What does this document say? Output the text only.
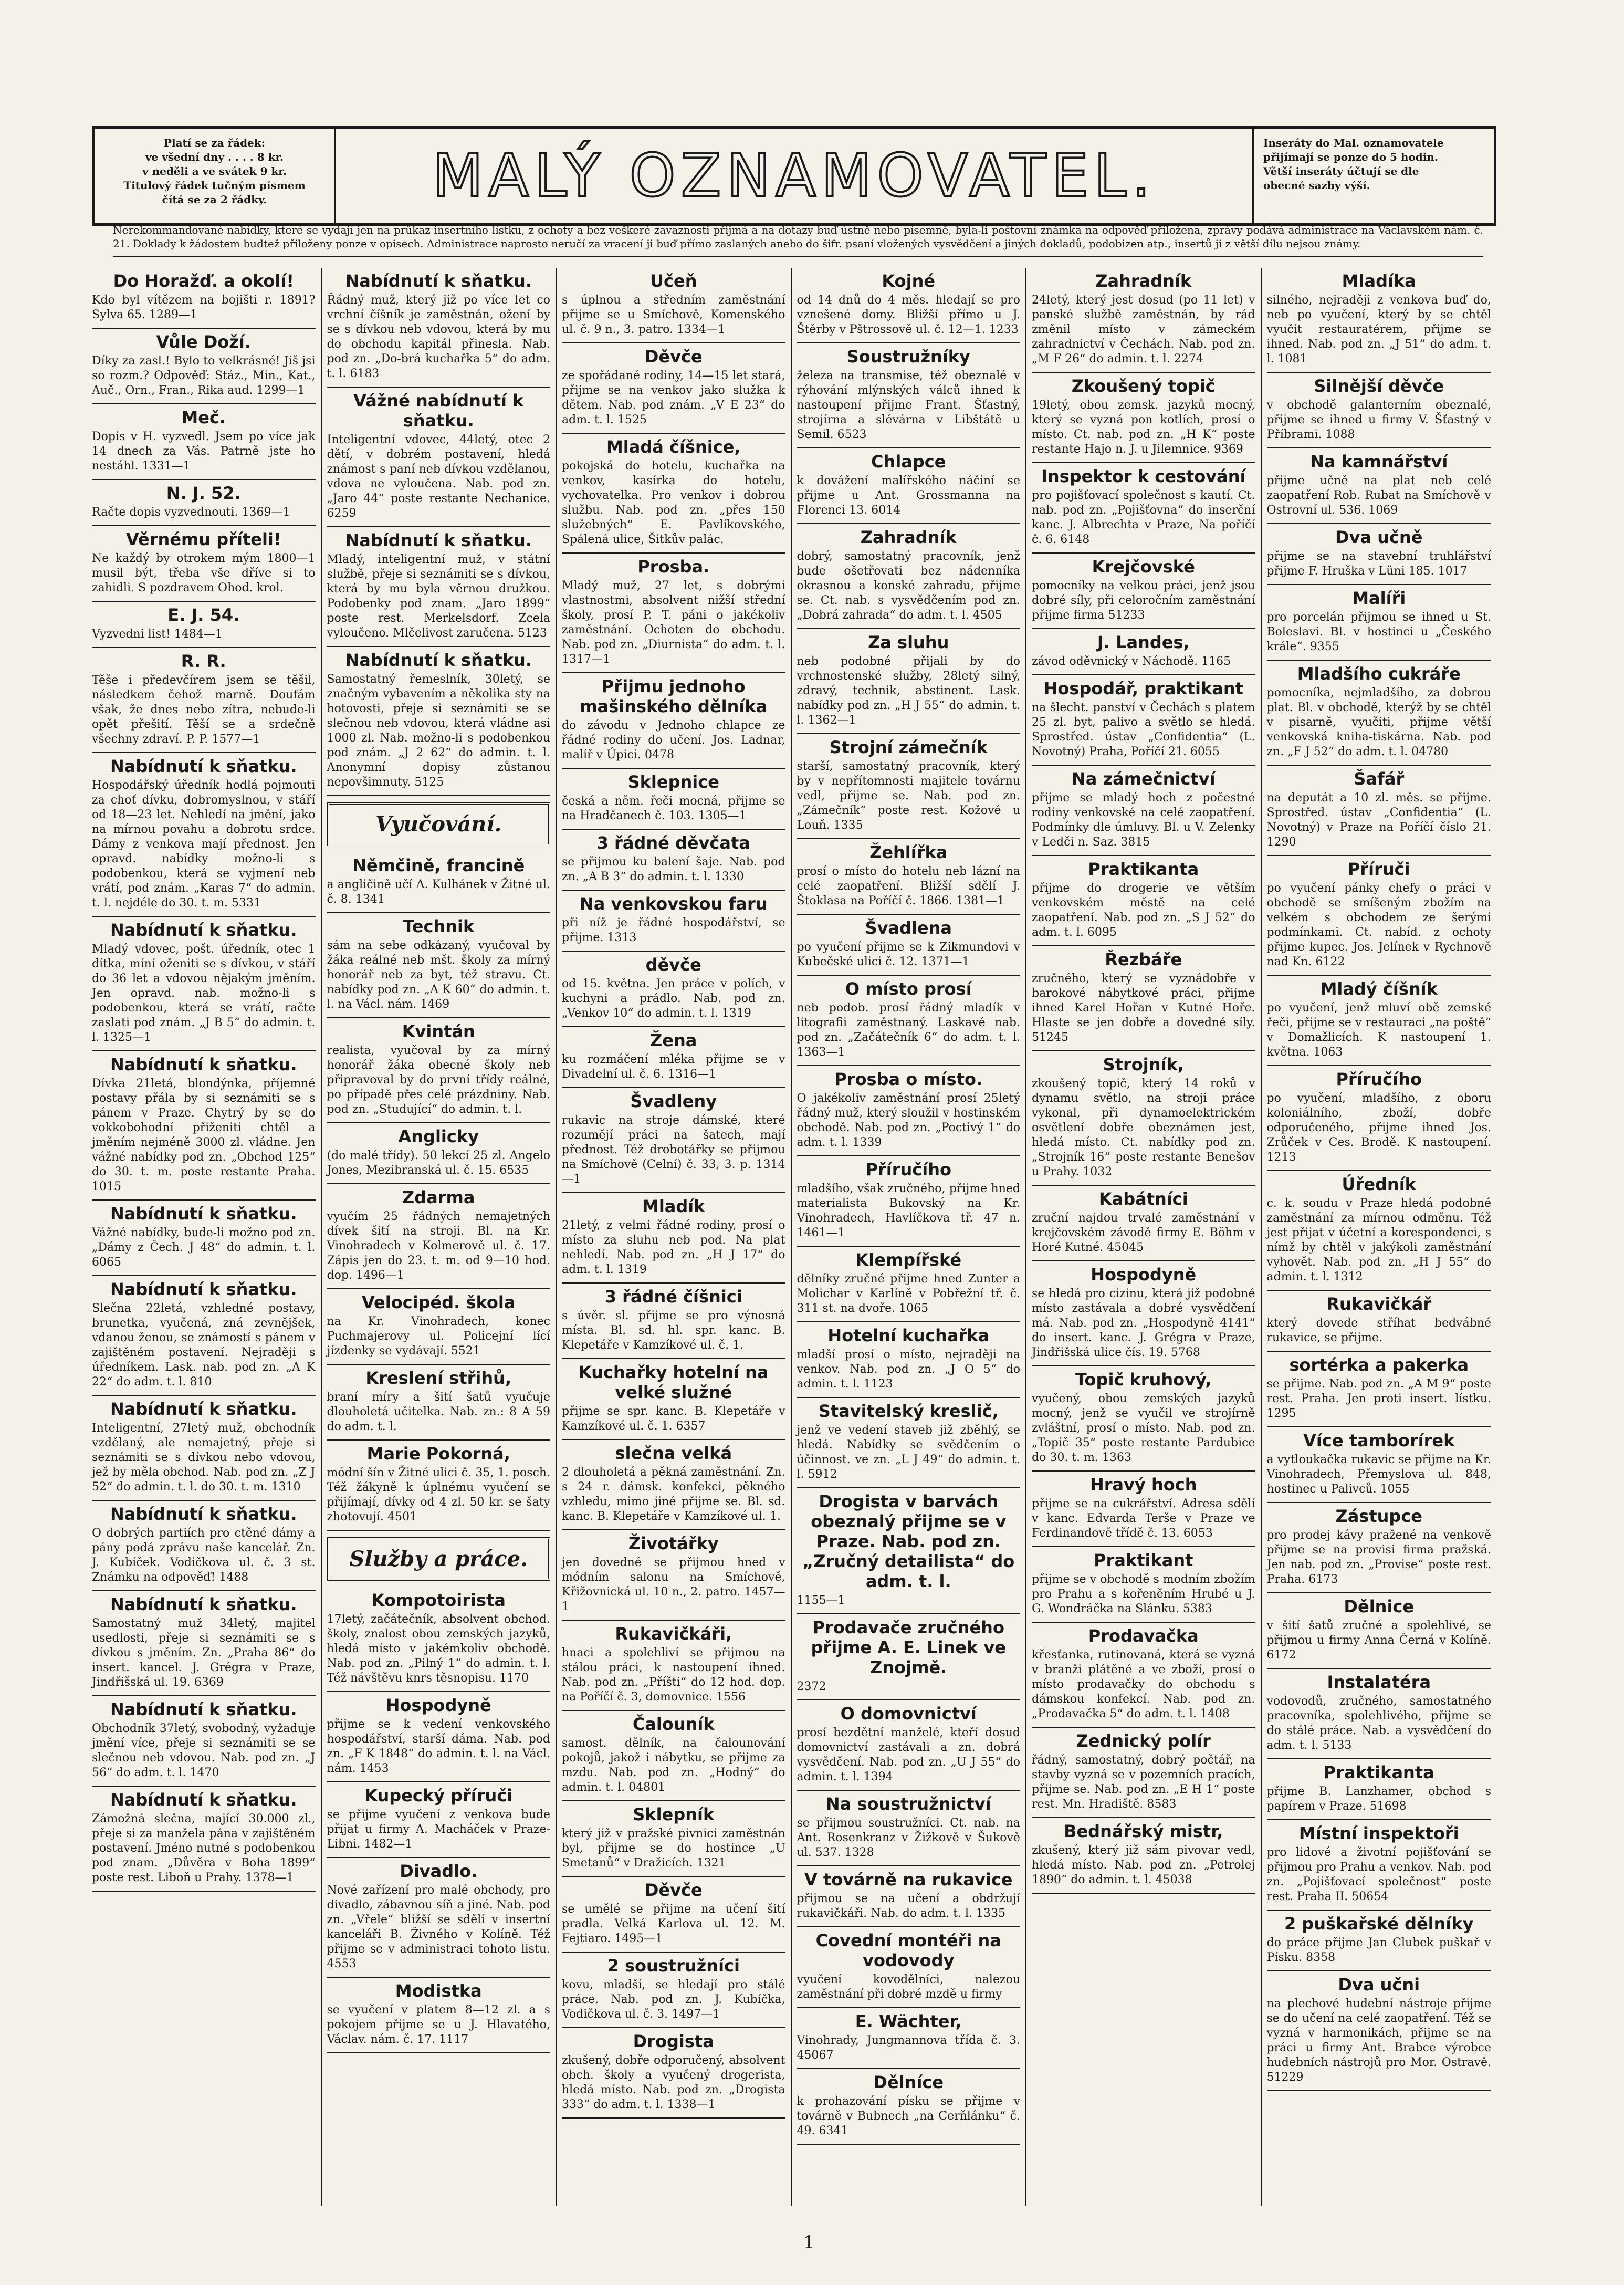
Platí se za řádek:
ve všední dny . . . . 8 kr.
v neděli a ve svátek 9 kr.
Titulový řádek tučným písmem
čítá se za 2 řádky.	MALÝ OZNAMOVATEL.	Inseráty do Mal. oznamovatele
přijímají se ponze do 5 hodin.
Větší inseráty účtují se dle
obecné sazby výší.
Nerekommandované nabídky, které se vydají jen na průkaz insertního lístku, z ochoty a bez veškeré zavaznosti přijmá a na dotazy buď ústně nebo písemně, byla-li poštovní známka na odpověď přiložena, zprávy podává administrace na Václavském nám. č. 21. Doklady k žádostem budtež přiloženy ponze v opisech. Administrace naprosto neručí za vracení ji buď přímo zaslaných anebo do šifr. psaní vložených vysvědčení a jiných dokladů, podobizen atp., insertů ji z větší dílu nejsou známy.
Do Horažď. a okolí!
Kdo byl vítězem na bojišti r. 1891? Sylva 65. 1289—1
Vůle Doží.
Díky za zasl.! Bylo to velkrásné! Jiš jsi so rozm.? Odpověď: Stáz., Min., Kat., Auč., Orn., Fran., Rika aud. 1299—1
Meč.
Dopis v H. vyzvedl. Jsem po více jak 14 dnech za Vás. Patrně jste ho nestáhl. 1331—1
N. J. 52.
Račte dopis vyzvednouti. 1369—1
Věrnému příteli!
Ne každý by otrokem mým 1800—1 musil být, třeba vše dříve si to zahidli. S pozdravem Ohod. krol.
E. J. 54.
Vyzvedni list! 1484—1
R. R.
Těše i předevčírem jsem se těšil, následkem čehož marně. Doufám však, že dnes nebo zítra, nebude-li opět přešití. Těší se a srdečně všechny zdraví. P. P. 1577—1
Nabídnutí k sňatku.
Hospodářský úředník hodlá pojmouti za choť dívku, dobromyslnou, v stáří od 18—23 let. Nehledí na jmění, jako na mírnou povahu a dobrotu srdce. Dámy z venkova mají přednost. Jen opravd. nabídky možno-li s podobenkou, která se vyjmení neb vrátí, pod znám. „Karas 7“ do admin. t. l. nejdéle do 30. t. m. 5331
Nabídnutí k sňatku.
Mladý vdovec, pošt. úředník, otec 1 dítka, míní oženiti se s dívkou, v stáří do 36 let a vdovou nějakým jměním. Jen opravd. nab. možno-li s podobenkou, která se vrátí, račte zaslati pod znám. „J B 5“ do admin. t. l. 1325—1
Nabídnutí k sňatku.
Dívka 21letá, blondýnka, příjemné postavy přála by si seznámiti se s pánem v Praze. Chytrý by se do vokkobohodní přiženiti chtěl a jměním nejméně 3000 zl. vládne. Jen vážné nabídky pod zn. „Obchod 125“ do 30. t. m. poste restante Praha. 1015
Nabídnutí k sňatku.
Vážné nabídky, bude-li možno pod zn. „Dámy z Čech. J 48“ do admin. t. l. 6065
Nabídnutí k sňatku.
Slečna 22letá, vzhledné postavy, brunetka, vyučená, zná zevnějšek, vdanou ženou, se známostí s pánem v zajištěném postavení. Nejraději s úředníkem. Lask. nab. pod zn. „A K 22“ do adm. t. l. 810
Nabídnutí k sňatku.
Inteligentní, 27letý muž, obchodník vzdělaný, ale nemajetný, přeje si seznámiti se s dívkou nebo vdovou, jež by měla obchod. Nab. pod zn. „Z J 52“ do admin. t. l. do 30. t. m. 1310
Nabídnutí k sňatku.
O dobrých partiích pro ctěné dámy a pány podá zprávu naše kancelář. Zn. J. Kubíček. Vodičkova ul. č. 3 st. Známku na odpověď! 1488
Nabídnutí k sňatku.
Samostatný muž 34letý, majitel usedlosti, přeje si seznámiti se s dívkou s jměním. Zn. „Praha 86“ do insert. kancel. J. Grégra v Praze, Jindřišská ul. 19. 6369
Nabídnutí k sňatku.
Obchodník 37letý, svobodný, vyžaduje jmění více, přeje si seznámiti se se slečnou neb vdovou. Nab. pod zn. „J 56“ do adm. t. l. 1470
Nabídnutí k sňatku.
Zámožná slečna, mající 30.000 zl., přeje si za manžela pána v zajištěném postavení. Jméno nutné s podobenkou pod znam. „Důvěra v Boha 1899“ poste rest. Liboň u Prahy. 1378—1
Nabídnutí k sňatku.
Řádný muž, který již po více let co vrchní číšník je zaměstnán, ožení by se s dívkou neb vdovou, která by mu do obchodu kapitál přinesla. Nab. pod zn. „Do-brá kuchařka 5“ do adm. t. l. 6183
Vážné nabídnutí k sňatku.
Inteligentní vdovec, 44letý, otec 2 dětí, v dobrém postavení, hledá známost s paní neb dívkou vzdělanou, vdova ne vyloučena. Nab. pod zn. „Jaro 44“ poste restante Nechanice. 6259
Nabídnutí k sňatku.
Mladý, inteligentní muž, v státní službě, přeje si seznámiti se s dívkou, která by mu byla věrnou družkou. Podobenky pod znam. „Jaro 1899“ poste rest. Merkelsdorf. Zcela vyloučeno. Mlčelivost zaručena. 5123
Nabídnutí k sňatku.
Samostatný řemeslník, 30letý, se značným vybavením a několika sty na hotovosti, přeje si seznámiti se se slečnou neb vdovou, která vládne asi 1000 zl. Nab. možno-li s podobenkou pod znám. „J 2 62“ do admin. t. l. Anonymní dopisy zůstanou nepovšimnuty. 5125
Vyučování.
Němčině, francině
a angličině učí A. Kulhánek v Žitné ul. č. 8. 1341
Technik
sám na sebe odkázaný, vyučoval by žáka reálné neb mšt. školy za mírný honorář neb za byt, též stravu. Ct. nabídky pod zn. „A K 60“ do admin. t. l. na Václ. nám. 1469
Kvintán
realista, vyučoval by za mírný honorář žáka obecné školy neb připravoval by do první třídy reálné, po případě přes celé prázdniny. Nab. pod zn. „Studující“ do admin. t. l.
Anglicky
(do malé třídy). 50 lekcí 25 zl. Angelo Jones, Mezibranská ul. č. 15. 6535
Zdarma
vyučím 25 řádných nemajetných dívek šití na stroji. Bl. na Kr. Vinohradech v Kolmerově ul. č. 17. Zápis jen do 23. t. m. od 9—10 hod. dop. 1496—1
Velocipéd. škola
na Kr. Vinohradech, konec Puchmajerovy ul. Policejní lící jízdenky se vydávají. 5521
Kreslení střihů,
braní míry a šití šatů vyučuje dlouholetá učitelka. Nab. zn.: 8 A 59 do adm. t. l.
Marie Pokorná,
módní šín v Žitné ulici č. 35, 1. posch. Též žákyně k úplnému vyučení se přijímají, dívky od 4 zl. 50 kr. se šaty zhotovují. 4501
Služby a práce.
Kompotoirista
17letý, začátečník, absolvent obchod. školy, znalost obou zemských jazyků, hledá místo v jakémkoliv obchodě. Nab. pod zn. „Pilný 1“ do admin. t. l. Též návštěvu knrs těsnopisu. 1170
Hospodyně
přijme se k vedení venkovského hospodářství, starší dáma. Nab. pod zn. „F K 1848“ do admin. t. l. na Václ. nám. 1453
Kupecký příruči
se přijme vyučení z venkova bude přijat u firmy A. Macháček v Praze-Libni. 1482—1
Divadlo.
Nové zařízení pro malé obchody, pro divadlo, zábavnou síň a jiné. Nab. pod zn. „Vřele“ bližší se sdělí v insertní kanceláři B. Živného v Kolíně. Též přijme se v administraci tohoto listu. 4553
Modistka
se vyučení v platem 8—12 zl. a s pokojem přijme se u J. Hlavatého, Václav. nám. č. 17. 1117
Učeň
s úplnou a středním zaměstnání přijme se u Smíchově, Komenského ul. č. 9 n., 3. patro. 1334—1
Děvče
ze spořádané rodiny, 14—15 let stará, přijme se na venkov jako služka k dětem. Nab. pod znám. „V E 23“ do adm. t. l. 1525
Mladá číšnice,
pokojská do hotelu, kuchařka na venkov, kasírka do hotelu, vychovatelka. Pro venkov i dobrou službu. Nab. pod zn. „přes 150 služebných“ E. Pavlíkovského, Spálená ulice, Šitkův palác.
Prosba.
Mladý muž, 27 let, s dobrými vlastnostmi, absolvent nižší střední školy, prosí P. T. páni o jakékoliv zaměstnání. Ochoten do obchodu. Nab. pod zn. „Diurnista“ do adm. t. l. 1317—1
Přijmu jednoho mašinského dělníka
do závodu v Jednoho chlapce ze řádné rodiny do učení. Jos. Ladnar, malíř v Úpici. 0478
Sklepnice
česká a něm. řeči mocná, přijme se na Hradčanech č. 103. 1305—1
3 řádné děvčata
se přijmou ku balení šaje. Nab. pod zn. „A B 3“ do admin. t. l. 1330
Na venkovskou faru
při níž je řádné hospodářství, se přijme. 1313
děvče
od 15. května. Jen práce v polích, v kuchyni a prádlo. Nab. pod zn. „Venkov 10“ do admin. t. l. 1319
Žena
ku rozmáčení mléka přijme se v Divadelní ul. č. 6. 1316—1
Švadleny
rukavic na stroje dámské, které rozumějí práci na šatech, mají přednost. Též drobotářky se přijmou na Smíchově (Celní) č. 33, 3. p. 1314—1
Mladík
21letý, z velmi řádné rodiny, prosí o místo za sluhu neb pod. Na plat nehledí. Nab. pod zn. „H J 17“ do adm. t. l. 1319
3 řádné číšnici
s úvěr. sl. přijme se pro výnosná místa. Bl. sd. hl. spr. kanc. B. Klepetáře v Kamzíkové ul. č. 1.
Kuchařky hotelní na velké služné
přijme se spr. kanc. B. Klepetáře v Kamzíkové ul. č. 1. 6357
slečna velká
2 dlouholetá a pěkná zaměstnání. Zn. s 24 r. dámsk. konfekci, pěkného vzhledu, mimo jiné přijme se. Bl. sd. kanc. B. Klepetáře v Kamzíkové ul. 1.
Životářky
jen dovedné se přijmou hned v módním salonu na Smíchově, Křižovnická ul. 10 n., 2. patro. 1457—1
Rukavičkáři,
hnaci a spolehliví se přijmou na stálou práci, k nastoupení ihned. Nab. pod zn. „Příšti“ do 12 hod. dop. na Poříčí č. 3, domovnice. 1556
Čalouník
samost. dělník, na čalounování pokojů, jakož i nábytku, se přijme za mzdu. Nab. pod zn. „Hodný“ do admin. t. l. 04801
Sklepník
který již v pražské pivnici zaměstnán byl, přijme se do hostince „U Smetanů“ v Dražicích. 1321
Děvče
se umělé se přijme na učení šití pradla. Velká Karlova ul. 12. M. Fejtiaro. 1495—1
2 soustružníci
kovu, mladší, se hledají pro stálé práce. Nab. pod zn. J. Kubíčka, Vodičkova ul. č. 3. 1497—1
Drogista
zkušený, dobře odporučený, absolvent obch. školy a vyučený drogerista, hledá místo. Nab. pod zn. „Drogista 333“ do adm. t. l. 1338—1
Kojné
od 14 dnů do 4 měs. hledají se pro vznešené domy. Bližší přímo u J. Štěrby v Pštrossově ul. č. 12—1. 1233
Soustružníky
železa na transmise, též obeznalé v rýhování mlýnských válců ihned k nastoupení přijme Frant. Šťastný, strojírna a slévárna v Libštátě u Semil. 6523
Chlapce
k dovážení malířského náčiní se přijme u Ant. Grossmanna na Florenci 13. 6014
Zahradník
dobrý, samostatný pracovník, jenž bude ošetřovati bez nádenníka okrasnou a konské zahradu, přijme se. Ct. nab. s vysvědčením pod zn. „Dobrá zahrada“ do adm. t. l. 4505
Za sluhu
neb podobné přijali by do vrchnostenské služby, 28letý silný, zdravý, technik, abstinent. Lask. nabídky pod zn. „H J 55“ do admin. t. l. 1362—1
Strojní zámečník
starší, samostatný pracovník, který by v nepřítomnosti majitele továrnu vedl, přijme se. Nab. pod zn. „Zámečník“ poste rest. Kožové u Louň. 1335
Žehlířka
prosí o místo do hotelu neb lázní na celé zaopatření. Bližší sdělí J. Štoklasa na Poříčí č. 1866. 1381—1
Švadlena
po vyučení přijme se k Zikmundovi v Kubečské ulici č. 12. 1371—1
O místo prosí
neb podob. prosí řádný mladík v litografii zaměstnaný. Laskavé nab. pod zn. „Začátečník 6“ do adm. t. l. 1363—1
Prosba o místo.
O jakékoliv zaměstnání prosí 25letý řádný muž, který sloužil v hostinském obchodě. Nab. pod zn. „Poctivý 1“ do adm. t. l. 1339
Příručího
mladšího, však zručného, přijme hned materialista Bukovský na Kr. Vinohradech, Havlíčkova tř. 47 n. 1461—1
Klempířské
dělníky zručné přijme hned Zunter a Molichar v Karlíně v Pobřežní tř. č. 311 st. na dvoře. 1065
Hotelní kuchařka
mladší prosí o místo, nejraději na venkov. Nab. pod zn. „J O 5“ do admin. t. l. 1123
Stavitelský kreslič,
jenž ve vedení staveb již zběhlý, se hledá. Nabídky se svědčením o účinnost. ve zn. „L J 49“ do admin. t. l. 5912
Drogista v barvách obeznalý přijme se v Praze. Nab. pod zn. „Zručný detailista“ do adm. t. l.
1155—1
Prodavače zručného přijme A. E. Linek ve Znojmě.
2372
O domovnictví
prosí bezdětní manželé, kteří dosud domovnictví zastávali a zn. dobrá vysvědčení. Nab. pod zn. „U J 55“ do admin. t. l. 1394
Na soustružnictví
se přijmou soustružníci. Ct. nab. na Ant. Rosenkranz v Žižkově v Šukově ul. 537. 1328
V továrně na rukavice
přijmou se na učení a obdržují rukavičkáři. Nab. do adm. t. l. 1335
Covední montéři na vodovody
vyučení kovodělníci, nalezou zaměstnání při dobré mzdě u firmy
E. Wächter,
Vinohrady, Jungmannova třída č. 3. 45067
Dělníce
k prohazování písku se přijme v továrně v Bubnech „na Cerňlánku“ č. 49. 6341
Zahradník
24letý, který jest dosud (po 11 let) v panské službě zaměstnán, by rád změnil místo v zámeckém zahradnictví v Čechách. Nab. pod zn. „M F 26“ do admin. t. l. 2274
Zkoušený topič
19letý, obou zemsk. jazyků mocný, který se vyzná pon kotlích, prosí o místo. Ct. nab. pod zn. „H K“ poste restante Hajo n. J. u Jilemnice. 9369
Inspektor k cestování
pro pojišťovací společnost s kautí. Ct. nab. pod zn. „Pojišťovna“ do inserční kanc. J. Albrechta v Praze, Na poříčí č. 6. 6148
Krejčovské
pomocníky na velkou práci, jenž jsou dobré síly, při celoročním zaměstnání přijme firma 51233
J. Landes,
závod oděvnický v Náchodě. 1165
Hospodář, praktikant
na šlecht. panství v Čechách s platem 25 zl. byt, palivo a světlo se hledá. Sprostřed. ústav „Confidentia“ (L. Novotný) Praha, Poříčí 21. 6055
Na zámečnictví
přijme se mladý hoch z počestné rodiny venkovské na celé zaopatření. Podmínky dle úmluvy. Bl. u V. Zelenky v Ledči n. Saz. 3815
Praktikanta
přijme do drogerie ve větším venkovském městě na celé zaopatření. Nab. pod zn. „S J 52“ do adm. t. l. 6095
Řezbáře
zručného, který se vyznádobře v barokové nábytkové práci, přijme ihned Karel Hořan v Kutné Hoře. Hlaste se jen dobře a dovedné síly. 51245
Strojník,
zkoušený topič, který 14 roků v dynamu světlo, na stroji práce vykonal, při dynamoelektrickém osvětlení dobře obeznámen jest, hledá místo. Ct. nabídky pod zn. „Strojník 16“ poste restante Benešov u Prahy. 1032
Kabátníci
zruční najdou trvalé zaměstnání v krejčovském závodě firmy E. Böhm v Horé Kutné. 45045
Hospodyně
se hledá pro cizinu, která již podobné místo zastávala a dobré vysvědčení má. Nab. pod zn. „Hospodyně 4141“ do insert. kanc. J. Grégra v Praze, Jindřišská ulice čís. 19. 5768
Topič kruhový,
vyučený, obou zemských jazyků mocný, jenž se vyučil ve strojírně zvláštní, prosí o místo. Nab. pod zn. „Topič 35“ poste restante Pardubice do 30. t. m. 1363
Hravý hoch
přijme se na cukrářství. Adresa sdělí v kanc. Edvarda Terše v Praze ve Ferdinandově třídě č. 13. 6053
Praktikant
přijme se v obchodě s modním zbožím pro Prahu a s kořeněním Hrubé u J. G. Wondráčka na Slánku. 5383
Prodavačka
křesťanka, rutinovaná, která se vyzná v branži plátěné a ve zboží, prosí o místo prodavačky do obchodu s dámskou konfekcí. Nab. pod zn. „Prodavačka 5“ do adm. t. l. 1408
Zednický polír
řádný, samostatný, dobrý počtář, na stavby vyzná se v pozemních pracích, přijme se. Nab. pod zn. „E H 1“ poste rest. Mn. Hradiště. 8583
Bednářský mistr,
zkušený, který již sám pivovar vedl, hledá místo. Nab. pod zn. „Petrolej 1890“ do admin. t. l. 45038
Mladíka
silného, nejraději z venkova buď do, neb po vyučení, který by se chtěl vyučit restauratérem, přijme se ihned. Nab. pod zn. „J 51“ do adm. t. l. 1081
Silnější děvče
v obchodě galanterním obeznalé, přijme se ihned u firmy V. Šťastný v Příbrami. 1088
Na kamnářství
přijme učně na plat neb celé zaopatření Rob. Rubat na Smíchově v Ostrovní ul. 536. 1069
Dva učně
přijme se na stavební truhlářství přijme F. Hruška v Lüni 185. 1017
Malíři
pro porcelán přijmou se ihned u St. Boleslavi. Bl. v hostinci u „Českého krále“. 9355
Mladšího cukráře
pomocníka, nejmladšího, za dobrou plat. Bl. v obchodě, kterýž by se chtěl v pisarně, vyučiti, přijme větší venkovská kniha-tiskárna. Nab. pod zn. „F J 52“ do adm. t. l. 04780
Šafář
na deputát a 10 zl. měs. se přijme. Sprostřed. ústav „Confidentia“ (L. Novotný) v Praze na Poříčí číslo 21. 1290
Příruči
po vyučení pánky chefy o práci v obchodě se smíšeným zbožím na velkém s obchodem ze šerými podmínkami. Ct. nabíd. z ochoty přijme kupec. Jos. Jelínek v Rychnově nad Kn. 6122
Mladý číšník
po vyučení, jenž mluví obě zemské řeči, přijme se v restauraci „na poště“ v Domažlicích. K nastoupení 1. května. 1063
Příručího
po vyučení, mladšího, z oboru koloniálního, zboží, dobře odporučeného, přijme ihned Jos. Zrůček v Ces. Brodě. K nastoupení. 1213
Úředník
c. k. soudu v Praze hledá podobné zaměstnání za mírnou odměnu. Též jest přijat v účetní a korespondenci, s nímž by chtěl v jakýkoli zaměstnání vyhovět. Nab. pod zn. „H J 55“ do admin. t. l. 1312
Rukavičkář
který dovede stříhat bedvábné rukavice, se přijme.
sortérka a pakerka
se přijme. Nab. pod zn. „A M 9“ poste rest. Praha. Jen proti insert. lístku. 1295
Více tamborírek
a vytloukačka rukavic se přijme na Kr. Vinohradech, Přemyslova ul. 848, hostinec u Palivců. 1055
Zástupce
pro prodej kávy pražené na venkově přijme se na provisi firma pražská. Jen nab. pod zn. „Provise“ poste rest. Praha. 6173
Dělnice
v šití šatů zručné a spolehlivé, se přijmou u firmy Anna Černá v Kolíně. 6172
Instalatéra
vodovodů, zručného, samostatného pracovníka, spolehlivého, přijme se do stálé práce. Nab. a vysvědčení do adm. t. l. 5133
Praktikanta
přijme B. Lanzhamer, obchod s papírem v Praze. 51698
Místní inspektoři
pro lidové a životní pojišťování se přijmou pro Prahu a venkov. Nab. pod zn. „Pojišťovací společnost“ poste rest. Praha II. 50654
2 puškařské dělníky
do práce přijme Jan Clubek puškař v Písku. 8358
Dva učni
na plechové hudební nástroje přijme se do učení na celé zaopatření. Též se vyzná v harmonikách, přijme se na práci u firmy Ant. Brabce výrobce hudebních nástrojů pro Mor. Ostravě. 51229
1
